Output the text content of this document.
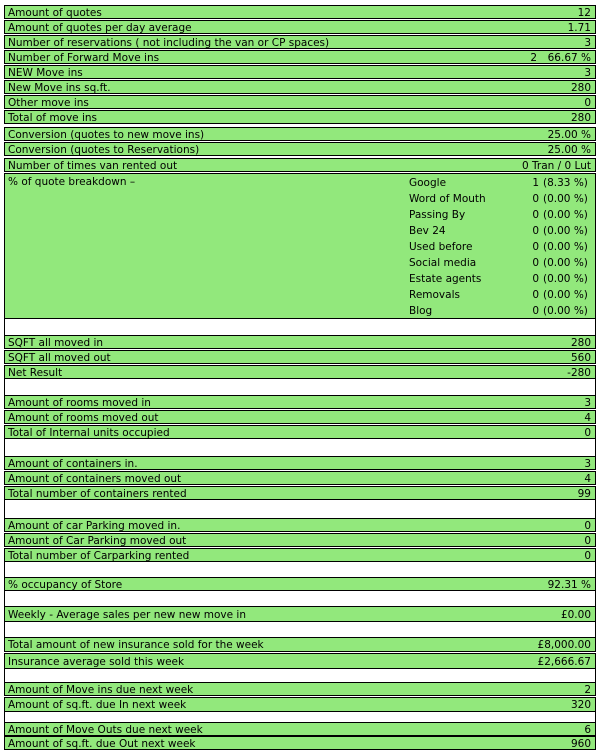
Amount of quotes	12
Amount of quotes per day average	1.71
Number of reservations ( not including the van or CP spaces)	3
Number of Forward Move ins	2 66.67 %
NEW Move ins	3
New Move ins sq.ft.	280
Other move ins	0
Total of move ins	280
Conversion (quotes to new move ins)	25.00 %
Conversion (quotes to Reservations)	25.00 %
Number of times van rented out	0 Tran / 0 Lut
% of quote breakdown –	Google	1 (8.33 %)
Word of Mouth	0 (0.00 %)
Passing By	0 (0.00 %)
Bev 24	0 (0.00 %)
Used before	0 (0.00 %)
Social media	0 (0.00 %)
Estate agents	0 (0.00 %)
Removals	0 (0.00 %)
Blog	0 (0.00 %)
SQFT all moved in	280
SQFT all moved out	560
Net Result	-280
Amount of rooms moved in	3
Amount of rooms moved out	4
Total of Internal units occupied	0
Amount of containers in.	3
Amount of containers moved out	4
Total number of containers rented	99
Amount of car Parking moved in.	0
Amount of Car Parking moved out	0
Total number of Carparking rented	0
% occupancy of Store	92.31 %
Weekly - Average sales per new new move in	£0.00
Total amount of new insurance sold for the week	£8,000.00
Insurance average sold this week	£2,666.67
Amount of Move ins due next week	2
Amount of sq.ft. due In next week	320
Amount of Move Outs due next week	6
Amount of sq.ft. due Out next week	960
